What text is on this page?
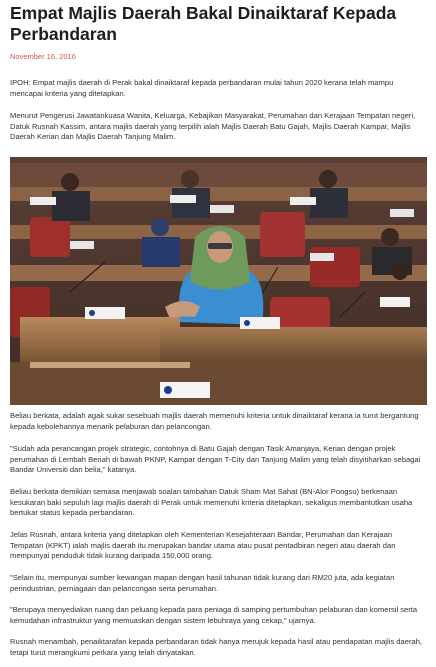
Empat Majlis Daerah Bakal Dinaiktaraf Kepada Perbandaran
November 16, 2016

IPOH: Empat majlis daerah di Perak bakal dinaiktaraf kepada perbandaran mulai tahun 2020 kerana telah mampu mencapai kriteria yang ditetapkan.

Menurut Pengerusi Jawatankuasa Wanita, Keluarga, Kebajikan Masyarakat, Perumahan dan Kerajaan Tempatan negeri, Datuk Rusnah Kassim, antara majlis daerah yang terpilih ialah Majlis Daerah Batu Gajah, Majlis Daerah Kampar, Majlis Daerah Kerian dan Majlis Daerah Tanjung Malim.

Beliau berkata, adalah agak sukar sesebuah majlis daerah memenuhi kriteria untuk dinaiktaraf kerana ia turut bergantung kepada kebolehannya menarik pelaburan dan pelancongan.

"Sudah ada perancangan projek strategic, contohnya di Batu Gajah dengan Tasik Amanjaya, Kerian dengan projek perumahan di Lembah Beriah di bawah PKNP, Kampar dengan T-City dan Tanjung Malim yang telah disyitiharkan sebagai Bandar Universiti dan belia," katanya.

Beliau berkata demikian semasa menjawab soalan tambahan Datuk Sham Mat Sahat (BN-Alor Pongsu) berkenaan kesukaran baki sepuluh lagi majlis daerah di Perak untuk memenuhi kriteria ditetapkan, sekaligus membantutkan usaha bertukar status kepada perbandaran.

Jelas Rusnah, antara kriteria yang ditetapkan oleh Kementerian Kesejahteraan Bandar, Perumahan dan Kerajaan Tempatan (KPKT) ialah majlis daerah itu merupakan bandar utama atau pusat pentadbiran negeri atau daerah dan mempunyai penduduk tidak kurang daripada 150,000 orang.

"Selain itu, mempunyai sumber kewangan mapan dengan hasil tahunan tidak kurang dari RM20 juta, ada kegiatan perindustrian, perniagaan dan pelancongan serta perumahan.

"Berupaya menyediakan ruang dan peluang kepada para peniaga di samping pertumbuhan pelaburan dan komersil serta kemudahan infrastruktur yang memuaskan dengan sistem lebuhraya yang cekap," ujarnya.

Rusnah menambah, penaiktarafan kepada perbandaran tidak hanya merujuk kepada hasil atau pendapatan majlis daerah, tetapi turut merangkumi perkara yang telah dinyatakan.
